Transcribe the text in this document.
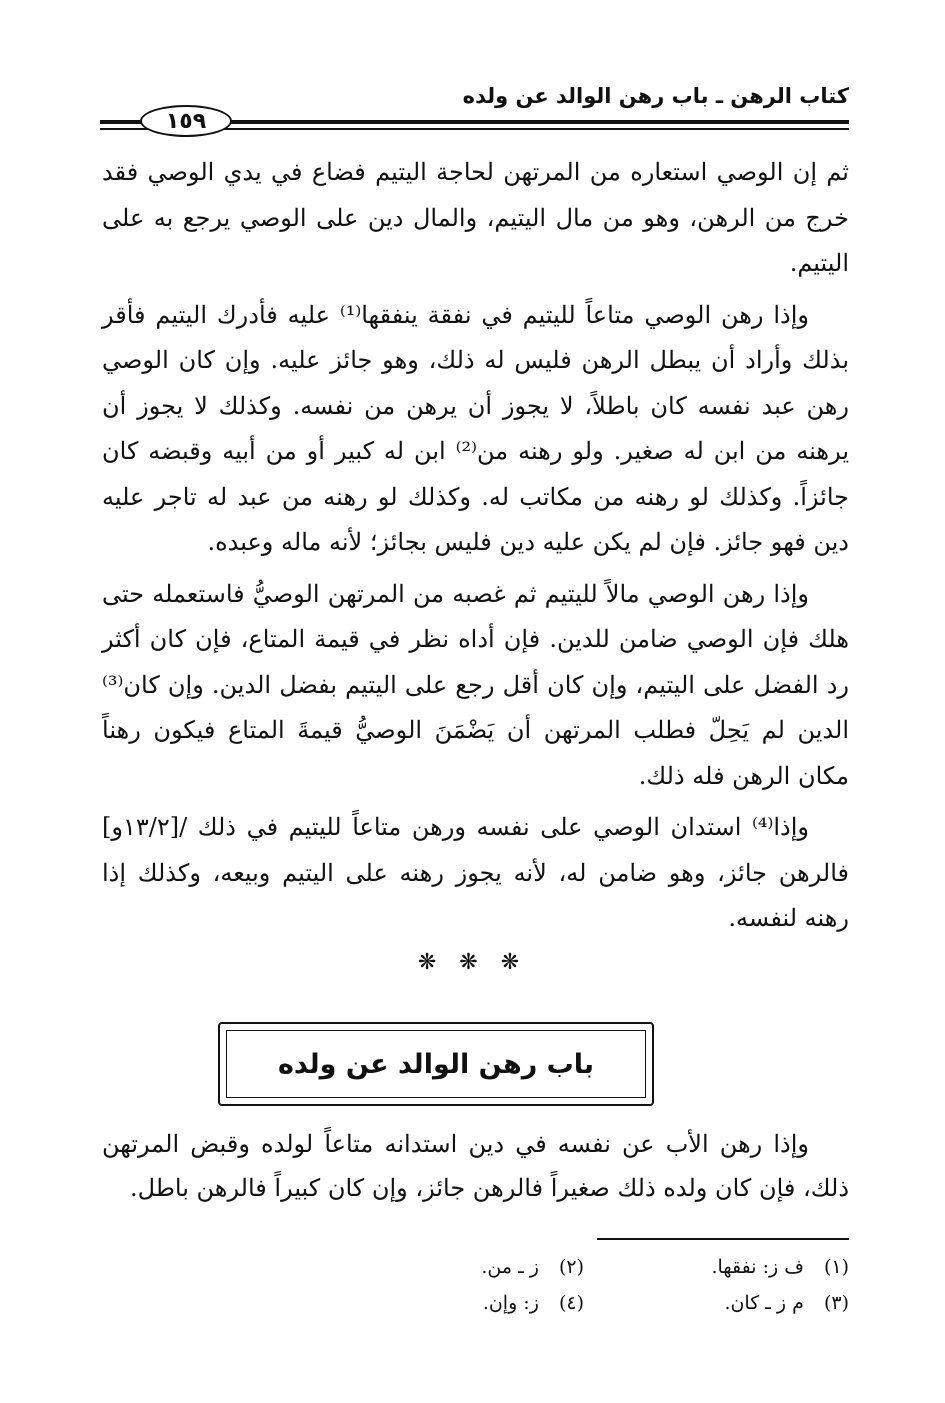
كتاب الرهن ـ باب رهن الوالد عن ولده
١٥٩

ثم إن الوصي استعاره من المرتهن لحاجة اليتيم فضاع في يدي الوصي فقد خرج من الرهن، وهو من مال اليتيم، والمال دين على الوصي يرجع به على اليتيم.

وإذا رهن الوصي متاعاً لليتيم في نفقة ينفقها⁽¹⁾ عليه فأدرك اليتيم فأقر بذلك وأراد أن يبطل الرهن فليس له ذلك، وهو جائز عليه. وإن كان الوصي رهن عبد نفسه كان باطلاً، لا يجوز أن يرهن من نفسه. وكذلك لا يجوز أن يرهنه من ابن له صغير. ولو رهنه من⁽²⁾ ابن له كبير أو من أبيه وقبضه كان جائزاً. وكذلك لو رهنه من مكاتب له. وكذلك لو رهنه من عبد له تاجر عليه دين فهو جائز. فإن لم يكن عليه دين فليس بجائز؛ لأنه ماله وعبده.

وإذا رهن الوصي مالاً لليتيم ثم غصبه من المرتهن الوصيُّ فاستعمله حتى هلك فإن الوصي ضامن للدين. فإن أداه نظر في قيمة المتاع، فإن كان أكثر رد الفضل على اليتيم، وإن كان أقل رجع على اليتيم بفضل الدين. وإن كان⁽³⁾ الدين لم يَحِلّ فطلب المرتهن أن يَضْمَنَ الوصيُّ قيمةَ المتاع فيكون رهناً مكان الرهن فله ذلك.

وإذا⁽⁴⁾ استدان الوصي على نفسه ورهن متاعاً لليتيم في ذلك /[١٣/٢و] فالرهن جائز، وهو ضامن له، لأنه يجوز رهنه على اليتيم وبيعه، وكذلك إذا رهنه لنفسه.

❋ ❋ ❋
باب رهن الوالد عن ولده
وإذا رهن الأب عن نفسه في دين استدانه متاعاً لولده وقبض المرتهن ذلك، فإن كان ولده ذلك صغيراً فالرهن جائز، وإن كان كبيراً فالرهن باطل.
(١) ف ز: نفقها.
(٢) ز ـ من.
(٣) م ز ـ كان.
(٤) ز: وإن.
